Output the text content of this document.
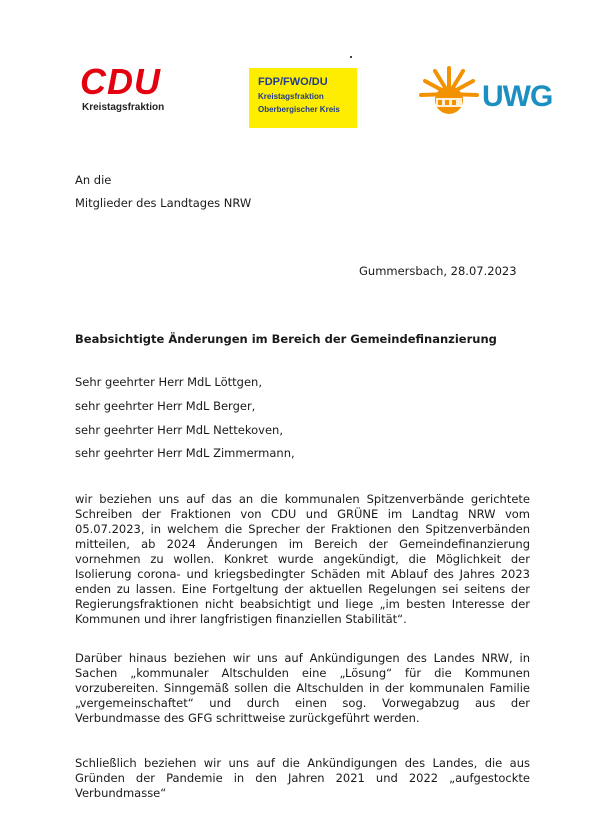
CDU
Kreistagsfraktion
FDP/FWO/DU
Kreistagsfraktion
Oberbergischer Kreis	UWG
An die
Mitglieder des Landtages NRW
Gummersbach, 28.07.2023
Beabsichtigte Änderungen im Bereich der Gemeindefinanzierung
Sehr geehrter Herr MdL Löttgen,
sehr geehrter Herr MdL Berger,
sehr geehrter Herr MdL Nettekoven,
sehr geehrter Herr MdL Zimmermann,
wir beziehen uns auf das an die kommunalen Spitzenverbände gerichtete Schreiben der Fraktionen von CDU und GRÜNE im Landtag NRW vom 05.07.2023, in welchem die Sprecher der Fraktionen den Spitzenverbänden mitteilen, ab 2024 Änderungen im Bereich der Gemeindefinanzierung vornehmen zu wollen. Konkret wurde angekündigt, die Möglichkeit der Isolierung corona- und kriegsbedingter Schäden mit Ablauf des Jahres 2023 enden zu lassen. Eine Fortgeltung der aktuellen Regelungen sei seitens der Regierungsfraktionen nicht beabsichtigt und liege „im besten Interesse der Kommunen und ihrer langfristigen finanziellen Stabilität“.
Darüber hinaus beziehen wir uns auf Ankündigungen des Landes NRW, in Sachen „kommunaler Altschulden eine „Lösung“ für die Kommunen vorzubereiten. Sinngemäß sollen die Altschulden in der kommunalen Familie „vergemeinschaftet“ und durch einen sog. Vorwegabzug aus der Verbundmasse des GFG schrittweise zurückgeführt werden.
Schließlich beziehen wir uns auf die Ankündigungen des Landes, die aus Gründen der Pandemie in den Jahren 2021 und 2022 „aufgestockte Verbundmasse“
